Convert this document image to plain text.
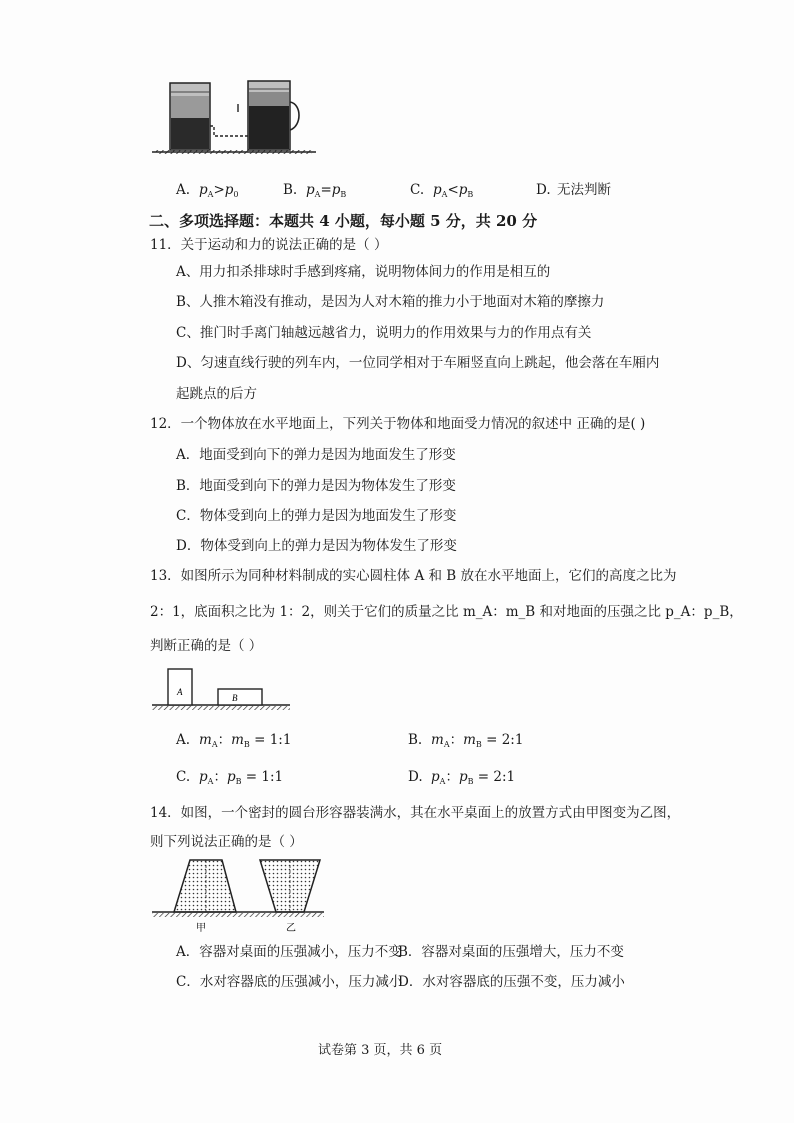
A. $p_A>p_0$	B. $p_A=p_B$	C. $p_A<p_B$	D. 无法判断
二、多项选择题：本题共 4 小题，每小题 5 分，共 20 分
11．关于运动和力的说法正确的是（ ）
A、用力扣杀排球时手感到疼痛，说明物体间力的作用是相互的
B、人推木箱没有推动，是因为人对木箱的推力小于地面对木箱的摩擦力
C、推门时手离门轴越远越省力，说明力的作用效果与力的作用点有关
D、匀速直线行驶的列车内，一位同学相对于车厢竖直向上跳起，他会落在车厢内
起跳点的后方
12．一个物体放在水平地面上，下列关于物体和地面受力情况的叙述中 正确的是( )
A．地面受到向下的弹力是因为地面发生了形变
B．地面受到向下的弹力是因为物体发生了形变
C．物体受到向上的弹力是因为地面发生了形变
D．物体受到向上的弹力是因为物体发生了形变
13．如图所示为同种材料制成的实心圆柱体 A 和 B 放在水平地面上，它们的高度之比为
2：1，底面积之比为 1：2，则关于它们的质量之比 m_A：m_B 和对地面的压强之比 p_A：p_B，
判断正确的是（ ）
A
B
A. $m_A$：$m_B$ = 1:1	B. $m_A$：$m_B$ = 2:1
C. $p_A$：$p_B$ = 1:1	D. $p_A$：$p_B$ = 2:1
14．如图，一个密封的圆台形容器装满水，其在水平桌面上的放置方式由甲图变为乙图，
则下列说法正确的是（ ）
甲	乙
A．容器对桌面的压强减小，压力不变
B．容器对桌面的压强增大，压力不变
C．水对容器底的压强减小，压力减小
D．水对容器底的压强不变，压力减小
试卷第 3 页，共 6 页
